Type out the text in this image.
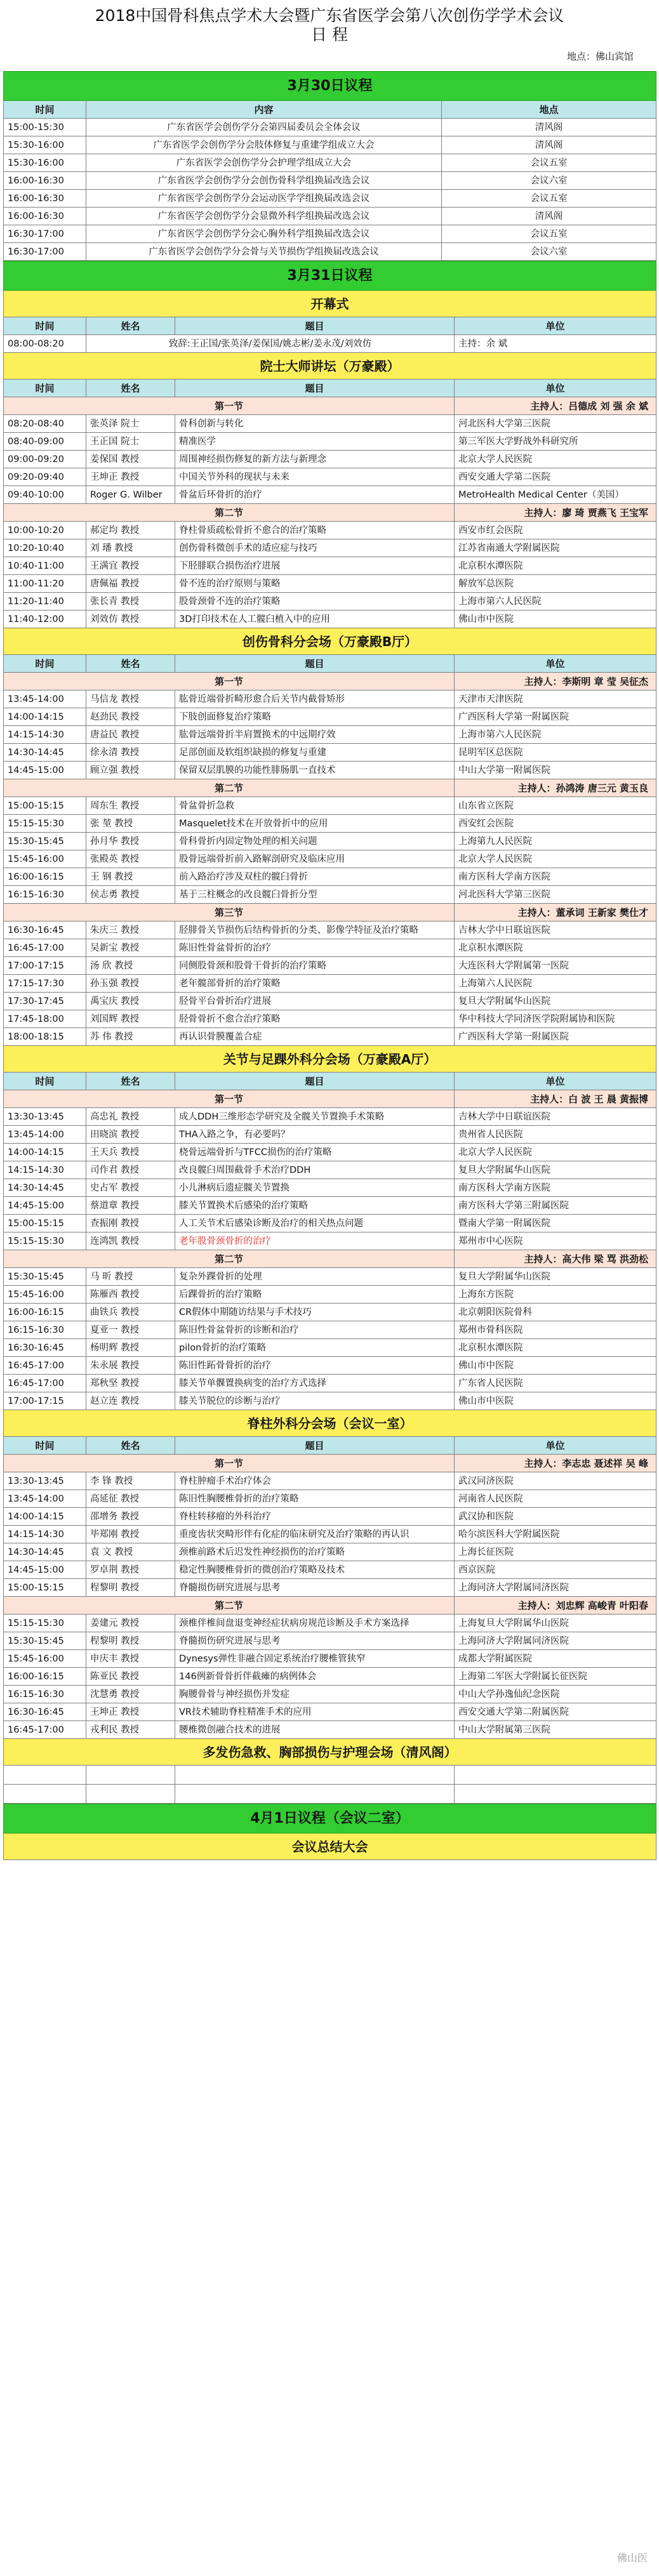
2018中国骨科焦点学术大会暨广东省医学会第八次创伤学学术会议
日 程
地点：佛山宾馆
3月30日议程		
时间	内容	地点
15:00-15:30	广东省医学会创伤学分会第四届委员会全体会议	清风阁
15:30-16:00	广东省医学会创伤学分会肢体修复与重建学组成立大会	清风阁
15:30-16:00	广东省医学会创伤学分会护理学组成立大会	会议五室
16:00-16:30	广东省医学会创伤学分会创伤骨科学组换届改选会议	会议六室
16:00-16:30	广东省医学会创伤学分会运动医学学组换届改选会议	会议五室
16:00-16:30	广东省医学会创伤学分会显微外科学组换届改选会议	清风阁
16:30-17:00	广东省医学会创伤学分会心胸外科学组换届改选会议	会议五室
16:30-17:00	广东省医学会创伤学分会骨与关节损伤学组换届改选会议	会议六室
3月31日议程			
开幕式			
时间	姓名	题目	单位
08:00-08:20	致辞:王正国/张英泽/姜保国/姚志彬/姜永茂/刘效仿		主持：余 斌
院士大师讲坛（万豪殿）			
时间	姓名	题目	单位
第一节			主持人：吕德成 刘 强 余 斌
08:20-08:40	张英泽 院士	骨科创新与转化	河北医科大学第三医院
08:40-09:00	王正国 院士	精准医学	第三军医大学野战外科研究所
09:00-09:20	姜保国 教授	周围神经损伤修复的新方法与新理念	北京大学人民医院
09:20-09:40	王坤正 教授	中国关节外科的现状与未来	西安交通大学第二医院
09:40-10:00	Roger G. Wilber	骨盆后环骨折的治疗	MetroHealth Medical Center（美国）
第二节			主持人：廖 琦 贾燕飞 王宝军
10:00-10:20	郝定均 教授	脊柱骨质疏松骨折不愈合的治疗策略	西安市红会医院
10:20-10:40	刘 璠 教授	创伤骨科微创手术的适应症与技巧	江苏省南通大学附属医院
10:40-11:00	王满宜 教授	下胫腓联合损伤治疗进展	北京积水潭医院
11:00-11:20	唐佩福 教授	骨不连的治疗原则与策略	解放军总医院
11:20-11:40	张长青 教授	股骨颈骨不连的治疗策略	上海市第六人民医院
11:40-12:00	刘效仿 教授	3D打印技术在人工髋臼植入中的应用	佛山市中医院
创伤骨科分会场（万豪殿B厅）			
时间	姓名	题目	单位
第一节			主持人：李斯明 章 莹 吴征杰
13:45-14:00	马信龙 教授	肱骨近端骨折畸形愈合后关节内截骨矫形	天津市天津医院
14:00-14:15	赵劲民 教授	下肢创面修复治疗策略	广西医科大学第一附属医院
14:15-14:30	唐益民 教授	肱骨远端骨折半肩置换术的中远期疗效	上海市第六人民医院
14:30-14:45	徐永清 教授	足部创面及软组织缺损的修复与重建	昆明军区总医院
14:45-15:00	顾立强 教授	保留双层肌膜的功能性腓肠肌一直技术	中山大学第一附属医院
第二节			主持人：孙鸿涛 唐三元 黄玉良
15:00-15:15	周东生 教授	骨盆骨折急救	山东省立医院
15:15-15:30	张 堃 教授	Masquelet技术在开放骨折中的应用	西安红会医院
15:30-15:45	孙月华 教授	骨科骨折内固定物处理的相关问题	上海第九人民医院
15:45-16:00	张殿英 教授	股骨远端骨折前入路解剖研究及临床应用	北京大学人民医院
16:00-16:15	王 钢 教授	前入路治疗涉及双柱的髋臼骨折	南方医科大学南方医院
16:15-16:30	侯志勇 教授	基于三柱概念的改良髋臼骨折分型	河北医科大学第三医院
第三节			主持人：董承词 王新家 樊仕才
16:30-16:45	朱庆三 教授	胫腓骨关节损伤后结构骨折的分类、影像学特征及治疗策略	吉林大学中日联谊医院
16:45-17:00	吴新宝 教授	陈旧性骨盆骨折的治疗	北京积水潭医院
17:00-17:15	汤 欣 教授	同侧股骨颈和股骨干骨折的治疗策略	大连医科大学附属第一医院
17:15-17:30	孙玉强 教授	老年髋部骨折的治疗策略	上海第六人民医院
17:30-17:45	禹宝庆 教授	胫骨平台骨折治疗进展	复旦大学附属华山医院
17:45-18:00	刘国辉 教授	胫骨骨折不愈合治疗策略	华中科技大学同济医学院附属协和医院
18:00-18:15	苏 伟 教授	再认识骨膜覆盖合症	广西医科大学第一附属医院
关节与足踝外科分会场（万豪殿A厅）			
时间	姓名	题目	单位
第一节			主持人：白 波 王 晨 黄振博
13:30-13:45	高忠礼 教授	成人DDH三维形态学研究及全髋关节置换手术策略	吉林大学中日联谊医院
13:45-14:00	田晓滨 教授	THA入路之争，有必要吗？	贵州省人民医院
14:00-14:15	王天兵 教授	桡骨远端骨折与TFCC损伤的治疗策略	北京大学人民医院
14:15-14:30	司作君 教授	改良髋臼周围截骨手术治疗DDH	复旦大学附属华山医院
14:30-14:45	史占军 教授	小儿淋病后遗症髋关节置换	南方医科大学南方医院
14:45-15:00	蔡道章 教授	膝关节置换术后感染的治疗策略	南方医科大学第三附属医院
15:00-15:15	查振刚 教授	人工关节术后感染诊断及治疗的相关热点问题	暨南大学第一附属医院
15:15-15:30	连鸿凯 教授	老年股骨颈骨折的治疗	郑州市中心医院
第二节			主持人：高大伟 梁 骂 洪劲松
15:30-15:45	马 昕 教授	复杂外踝骨折的处理	复旦大学附属华山医院
15:45-16:00	陈雁西 教授	后踝骨折的治疗策略	上海东方医院
16:00-16:15	曲铁兵 教授	CR假体中期随访结果与手术技巧	北京朝阳医院骨科
16:15-16:30	夏亚一 教授	陈旧性骨盆骨折的诊断和治疗	郑州市骨科医院
16:30-16:45	杨明辉 教授	pilon骨折的治疗策略	北京积水潭医院
16:45-17:00	朱永展 教授	陈旧性跖骨骨折的治疗	佛山市中医院
16:45-17:00	郑秋坚 教授	膝关节单髁置换病变的治疗方式选择	广东省人民医院
17:00-17:15	赵立连 教授	膝关节脱位的诊断与治疗	佛山市中医院
脊柱外科分会场（会议一室）			
时间	姓名	题目	单位
第一节			主持人：李志忠 聂述祥 吴 峰
13:30-13:45	李 锋 教授	脊柱肿瘤手术治疗体会	武汉同济医院
13:45-14:00	高延征 教授	陈旧性胸腰椎骨折的治疗策略	河南省人民医院
14:00-14:15	邵增务 教授	脊柱转移瘤的外科治疗	武汉协和医院
14:15-14:30	毕郑刚 教授	重度齿状突畸形伴有化症的临床研究及治疗策略的再认识	哈尔滨医科大学附属医院
14:30-14:45	袁 文 教授	颈椎前路术后迟发性神经损伤的治疗策略	上海长征医院
14:45-15:00	罗卓荆 教授	稳定性胸腰椎骨折的微创治疗策略及技术	西京医院
15:00-15:15	程黎明 教授	脊髓损伤研究进展与思考	上海同济大学附属同济医院
第二节			主持人：刘忠辉 高峻青 叶阳春
15:15-15:30	姜建元 教授	颈椎伴椎间盘退变神经症状病房规范诊断及手术方案选择	上海复旦大学附属华山医院
15:30-15:45	程黎明 教授	脊髓损伤研究进展与思考	上海同济大学附属同济医院
15:45-16:00	申庆丰 教授	Dynesys弹性非融合固定系统治疗腰椎管狭窄	成都大学附属医院
16:00-16:15	陈亚民 教授	146例新骨骨折伴截瘫的病例体会	上海第二军医大学附属长征医院
16:15-16:30	沈慧勇 教授	胸腰骨骨与神经损伤并发症	中山大学孙逸仙纪念医院
16:30-16:45	王坤正 教授	VR技术辅助脊柱精准手术的应用	西安交通大学第二附属医院
16:45-17:00	戎利民 教授	腰椎微创融合技术的进展	中山大学附属第三医院
多发伤急救、胸部损伤与护理会场（清风阁）			

4月1日议程（会议二室）
会议总结大会
佛山医
